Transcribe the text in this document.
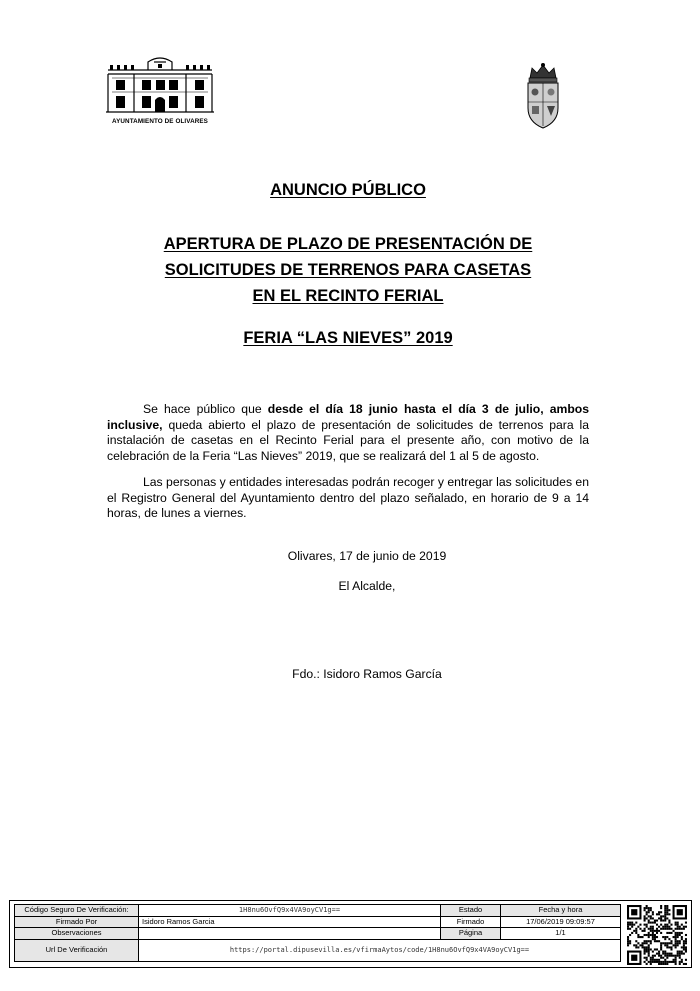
AYUNTAMIENTO DE OLIVARES
ANUNCIO PÚBLICO
APERTURA DE PLAZO DE PRESENTACIÓN DE
SOLICITUDES DE TERRENOS PARA CASETAS
EN EL RECINTO FERIAL
FERIA “LAS NIEVES” 2019
Se hace público que desde el día 18 junio hasta el día 3 de julio, ambos inclusive, queda abierto el plazo de presentación de solicitudes de terrenos para la instalación de casetas en el Recinto Ferial para el presente año, con motivo de la celebración de la Feria “Las Nieves” 2019, que se realizará del 1 al 5 de agosto.
Las personas y entidades interesadas podrán recoger y entregar las solicitudes en el Registro General del Ayuntamiento dentro del plazo señalado, en horario de 9 a 14 horas, de lunes a viernes.
Olivares, 17 de junio de 2019
El Alcalde,
Fdo.: Isidoro Ramos García
Código Seguro De Verificación:	1H8nu6OvfQ9x4VA9oyCV1g==	Estado	Fecha y hora
Firmado Por	Isidoro Ramos Garcia	Firmado	17/06/2019 09:09:57
Observaciones		Página	1/1
Url De Verificación	https://portal.dipusevilla.es/vfirmaAytos/code/1H8nu6OvfQ9x4VA9oyCV1g==		
